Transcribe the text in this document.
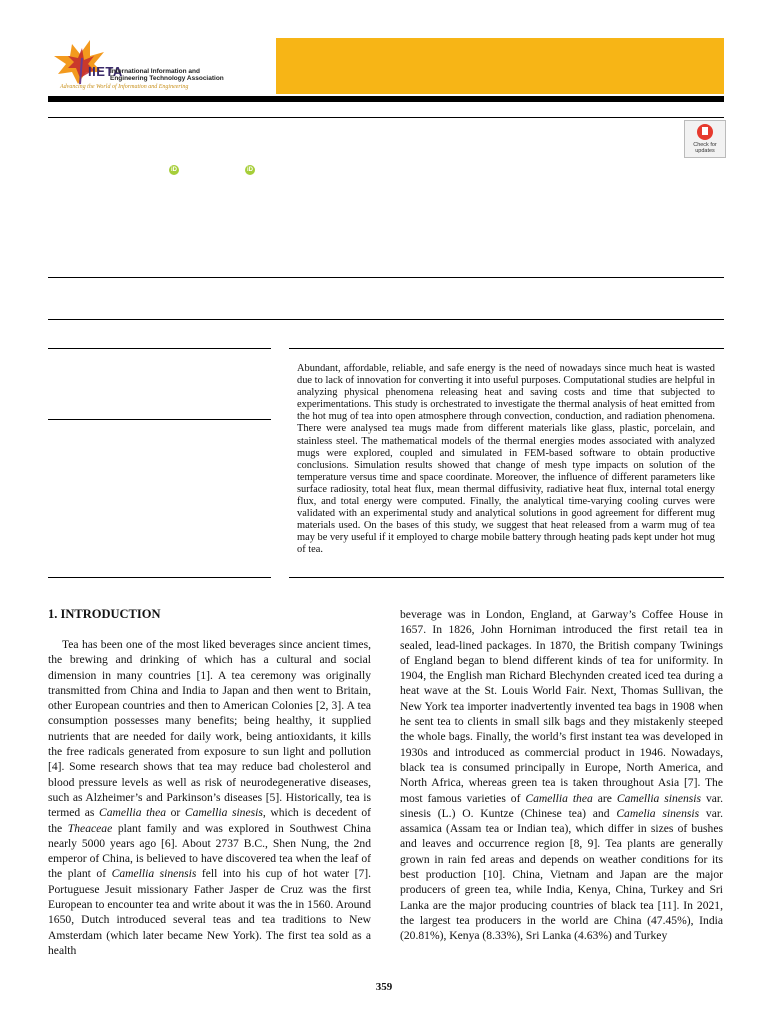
IIETA
International Information and
Engineering Technology Association
Advancing the World of Information and Engineering
Check for
updates
iD	iD
Abundant, affordable, reliable, and safe energy is the need of nowadays since much heat is wasted due to lack of innovation for converting it into useful purposes. Computational studies are helpful in analyzing physical phenomena releasing heat and saving costs and time that subjected to experimentations. This study is orchestrated to investigate the thermal analysis of heat emitted from the hot mug of tea into open atmosphere through convection, conduction, and radiation phenomena. There were analysed tea mugs made from different materials like glass, plastic, porcelain, and stainless steel. The mathematical models of the thermal energies modes associated with analyzed mugs were explored, coupled and simulated in FEM-based software to obtain productive conclusions. Simulation results showed that change of mesh type impacts on solution of the temperature versus time and space coordinate. Moreover, the influence of different parameters like surface radiosity, total heat flux, mean thermal diffusivity, radiative heat flux, internal total energy flux, and total energy were computed. Finally, the analytical time-varying cooling curves were validated with an experimental study and analytical solutions in good agreement for different mug materials used. On the bases of this study, we suggest that heat released from a warm mug of tea may be very useful if it employed to charge mobile battery through heating pads kept under hot mug of tea.
1. INTRODUCTION

Tea has been one of the most liked beverages since ancient times, the brewing and drinking of which has a cultural and social dimension in many countries [1]. A tea ceremony was originally transmitted from China and India to Japan and then went to Britain, other European countries and then to American Colonies [2, 3]. A tea consumption possesses many benefits; being healthy, it supplied nutrients that are needed for daily work, being antioxidants, it kills the free radicals generated from exposure to sun light and pollution [4]. Some research shows that tea may reduce bad cholesterol and blood pressure levels as well as risk of neurodegenerative diseases, such as Alzheimer’s and Parkinson’s diseases [5]. Historically, tea is termed as Camellia thea or Camellia sinesis, which is decedent of the Theaceae plant family and was explored in Southwest China nearly 5000 years ago [6]. About 2737 B.C., Shen Nung, the 2nd emperor of China, is believed to have discovered tea when the leaf of the plant of Camellia sinensis fell into his cup of hot water [7]. Portuguese Jesuit missionary Father Jasper de Cruz was the first European to encounter tea and write about it was the in 1560. Around 1650, Dutch introduced several teas and tea traditions to New Amsterdam (which later became New York). The first tea sold as a health

beverage was in London, England, at Garway’s Coffee House in 1657. In 1826, John Horniman introduced the first retail tea in sealed, lead-lined packages. In 1870, the British company Twinings of England began to blend different kinds of tea for uniformity. In 1904, the English man Richard Blechynden created iced tea during a heat wave at the St. Louis World Fair. Next, Thomas Sullivan, the New York tea importer inadvertently invented tea bags in 1908 when he sent tea to clients in small silk bags and they mistakenly steeped the whole bags. Finally, the world’s first instant tea was developed in 1930s and introduced as commercial product in 1946. Nowadays, black tea is consumed principally in Europe, North America, and North Africa, whereas green tea is taken throughout Asia [7]. The most famous varieties of Camellia thea are Camellia sinensis var. sinesis (L.) O. Kuntze (Chinese tea) and Camelia sinensis var. assamica (Assam tea or Indian tea), which differ in sizes of bushes and leaves and occurrence region [8, 9]. Tea plants are generally grown in rain fed areas and depends on weather conditions for its best production [10]. China, Vietnam and Japan are the major producers of green tea, while India, Kenya, China, Turkey and Sri Lanka are the major producing countries of black tea [11]. In 2021, the largest tea producers in the world are China (47.45%), India (20.81%), Kenya (8.33%), Sri Lanka (4.63%) and Turkey

359
